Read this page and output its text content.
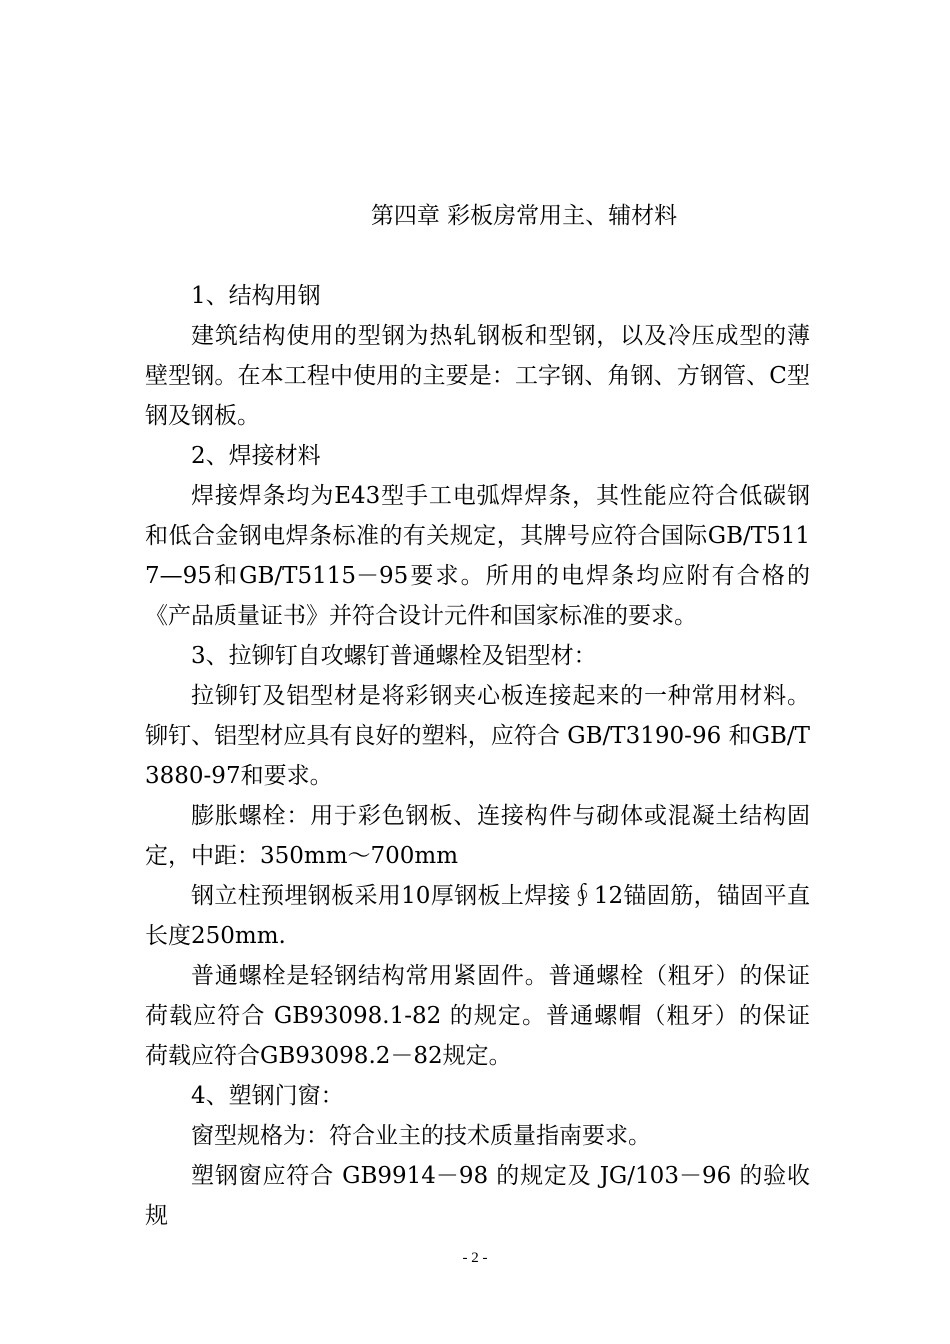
第四章 彩板房常用主、辅材料
1、结构用钢
建筑结构使用的型钢为热轧钢板和型钢，以及冷压成型的薄壁型钢。在本工程中使用的主要是：工字钢、角钢、方钢管、C型钢及钢板。
2、焊接材料
焊接焊条均为E43型手工电弧焊焊条，其性能应符合低碳钢和低合金钢电焊条标准的有关规定，其牌号应符合国际GB/T5117—95和GB/T5115－95要求。所用的电焊条均应附有合格的《产品质量证书》并符合设计元件和国家标准的要求。
3、拉铆钉自攻螺钉普通螺栓及铝型材：
拉铆钉及铝型材是将彩钢夹心板连接起来的一种常用材料。铆钉、铝型材应具有良好的塑料，应符合 GB/T3190-96 和GB/T3880-97和要求。
膨胀螺栓：用于彩色钢板、连接构件与砌体或混凝土结构固定，中距：350mm～700mm
钢立柱预埋钢板采用10厚钢板上焊接∮12锚固筋，锚固平直长度250mm.
普通螺栓是轻钢结构常用紧固件。普通螺栓（粗牙）的保证荷载应符合 GB93098.1-82 的规定。普通螺帽（粗牙）的保证荷载应符合GB93098.2－82规定。
4、塑钢门窗：
窗型规格为：符合业主的技术质量指南要求。
塑钢窗应符合 GB9914－98 的规定及 JG/103－96 的验收规
- 2 -
